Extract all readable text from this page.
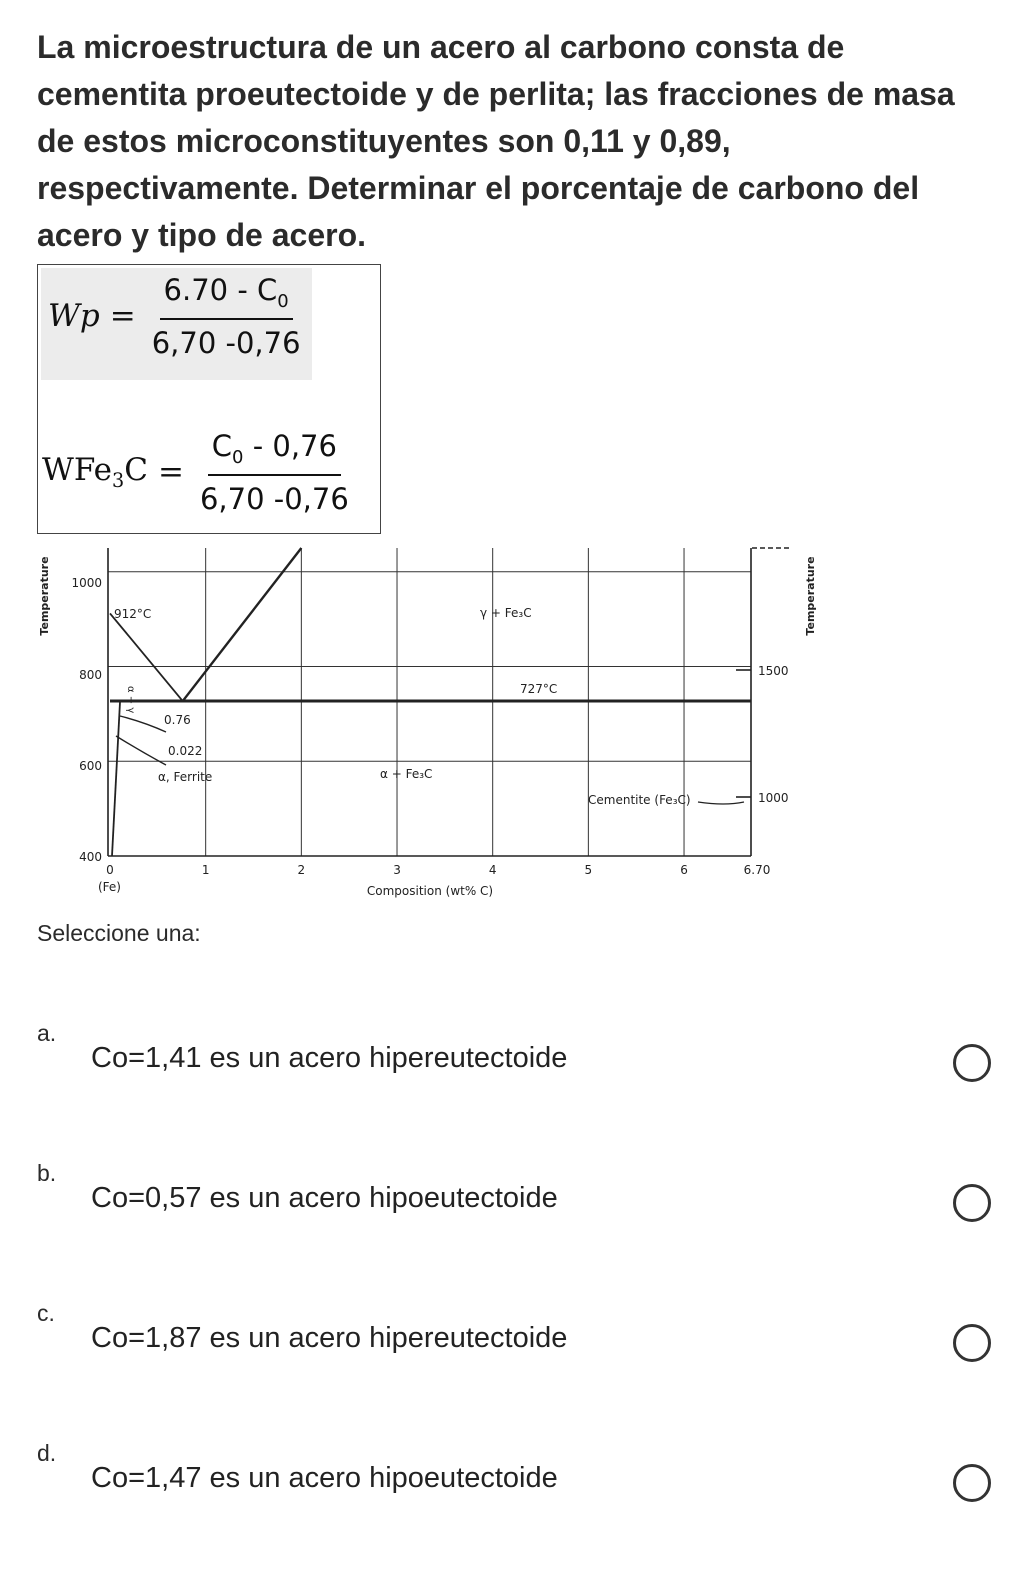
La microestructura de un acero al carbono consta de cementita proeutectoide y de perlita; las fracciones de masa de estos microconstituyentes son 0,11 y 0,89, respectivamente. Determinar el porcentaje de carbono del acero y tipo de acero.

$Wp = \frac{6.70 - C_0}{6,70 -0,76}$
$WFe_3C = \frac{C_0 - 0,76}{6,70 -0,76}$
Temperature	Temperature
400
600
800
1000
1000
1500
0	1	2	3	4	5	6	6.70
(Fe)	Composition (wt% C)
912°C
727°C
0.76
0.022
γ + Fe₃C
α + Fe₃C
α, Ferrite
Cementite (Fe₃C)
α + γ

Seleccione una:

a.
Co=1,41 es un acero hipereutectoide
b.
Co=0,57 es un acero hipoeutectoide
c.
Co=1,87 es un acero hipereutectoide
d.
Co=1,47 es un acero hipoeutectoide
